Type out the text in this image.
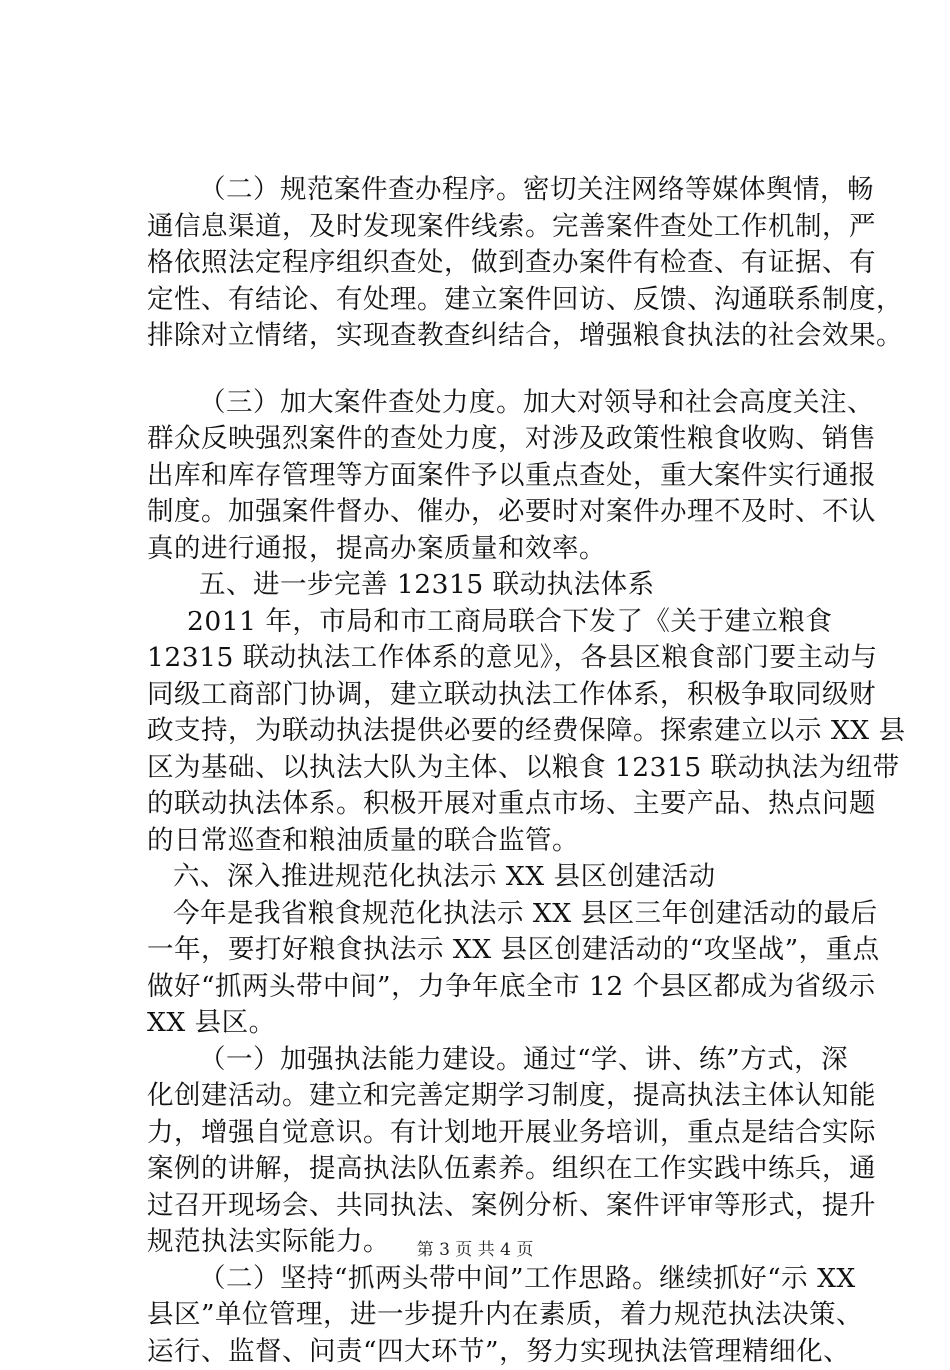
（二）规范案件查办程序。密切关注网络等媒体舆情，畅
通信息渠道，及时发现案件线索。完善案件查处工作机制，严
格依照法定程序组织查处，做到查办案件有检查、有证据、有
定性、有结论、有处理。建立案件回访、反馈、沟通联系制度，
排除对立情绪，实现查教查纠结合，增强粮食执法的社会效果。
（三）加大案件查处力度。加大对领导和社会高度关注、
群众反映强烈案件的查处力度，对涉及政策性粮食收购、销售
出库和库存管理等方面案件予以重点查处，重大案件实行通报
制度。加强案件督办、催办，必要时对案件办理不及时、不认
真的进行通报，提高办案质量和效率。
五、进一步完善 12315 联动执法体系
2011 年，市局和市工商局联合下发了《关于建立粮食
12315 联动执法工作体系的意见》，各县区粮食部门要主动与
同级工商部门协调，建立联动执法工作体系，积极争取同级财
政支持，为联动执法提供必要的经费保障。探索建立以示 XX 县
区为基础、以执法大队为主体、以粮食 12315 联动执法为纽带
的联动执法体系。积极开展对重点市场、主要产品、热点问题
的日常巡查和粮油质量的联合监管。
六、深入推进规范化执法示 XX 县区创建活动
今年是我省粮食规范化执法示 XX 县区三年创建活动的最后
一年，要打好粮食执法示 XX 县区创建活动的“攻坚战”，重点
做好“抓两头带中间”，力争年底全市 12 个县区都成为省级示
XX 县区。
（一）加强执法能力建设。通过“学、讲、练”方式，深
化创建活动。建立和完善定期学习制度，提高执法主体认知能
力，增强自觉意识。有计划地开展业务培训，重点是结合实际
案例的讲解，提高执法队伍素养。组织在工作实践中练兵，通
过召开现场会、共同执法、案例分析、案件评审等形式，提升
规范执法实际能力。
（二）坚持“抓两头带中间”工作思路。继续抓好“示 XX
县区”单位管理，进一步提升内在素质，着力规范执法决策、
运行、监督、问责“四大环节”，努力实现执法管理精细化、
第 3 页 共 4 页
